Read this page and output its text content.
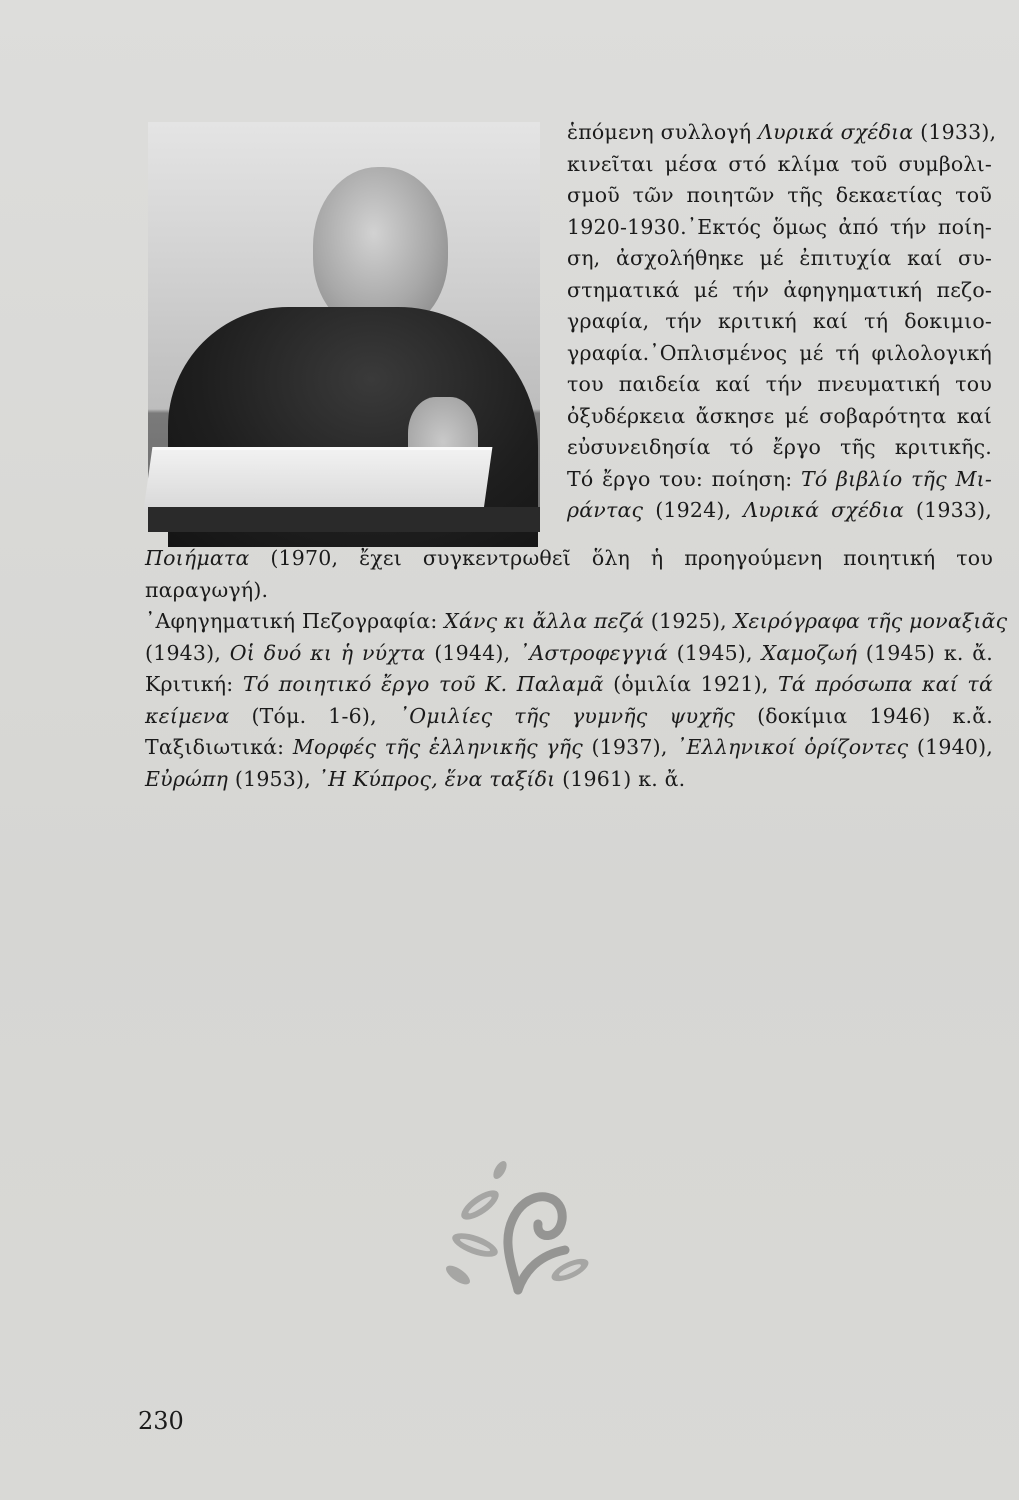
ἑπόμενη συλλογή Λυρικά σχέδια (1933),
κινεῖται μέσα στό κλίμα τοῦ συμβολι-
σμοῦ τῶν ποιητῶν τῆς δεκαετίας τοῦ
1920-1930.᾽Εκτός ὅμως ἀπό τήν ποίη-
ση, ἀσχολήθηκε μέ ἐπιτυχία καί συ-
στηματικά μέ τήν ἀφηγηματική πεζο-
γραφία, τήν κριτική καί τή δοκιμιο-
γραφία.᾽Οπλισμένος μέ τή φιλολογική
του παιδεία καί τήν πνευματική του
ὀξυδέρκεια ἄσκησε μέ σοβαρότητα καί
εὐσυνειδησία τό ἔργο τῆς κριτικῆς.
Τό ἔργο του: ποίηση: Τό βιβλίο τῆς Μι-
ράντας (1924), Λυρικά σχέδια (1933),
Ποιήματα (1970, ἔχει συγκεντρωθεῖ ὅλη ἡ προηγούμενη ποιητική του
παραγωγή).
᾽Αφηγηματική Πεζογραφία: Χάνς κι ἄλλα πεζά (1925), Χειρόγραφα τῆς μοναξιᾶς
(1943), Οἱ δυό κι ἡ νύχτα (1944), ᾽Αστροφεγγιά (1945), Χαμοζωή (1945) κ. ἄ.
Κριτική: Τό ποιητικό ἔργο τοῦ Κ. Παλαμᾶ (ὁμιλία 1921), Τά πρόσωπα καί τά
κείμενα (Τόμ. 1-6), ᾽Ομιλίες τῆς γυμνῆς ψυχῆς (δοκίμια 1946) κ.ἄ.
Ταξιδιωτικά: Μορφές τῆς ἑλληνικῆς γῆς (1937), ᾽Ελληνικοί ὁρίζοντες (1940),
Εὐρώπη (1953), ᾽Η Κύπρος, ἕνα ταξίδι (1961) κ. ἄ.
230
